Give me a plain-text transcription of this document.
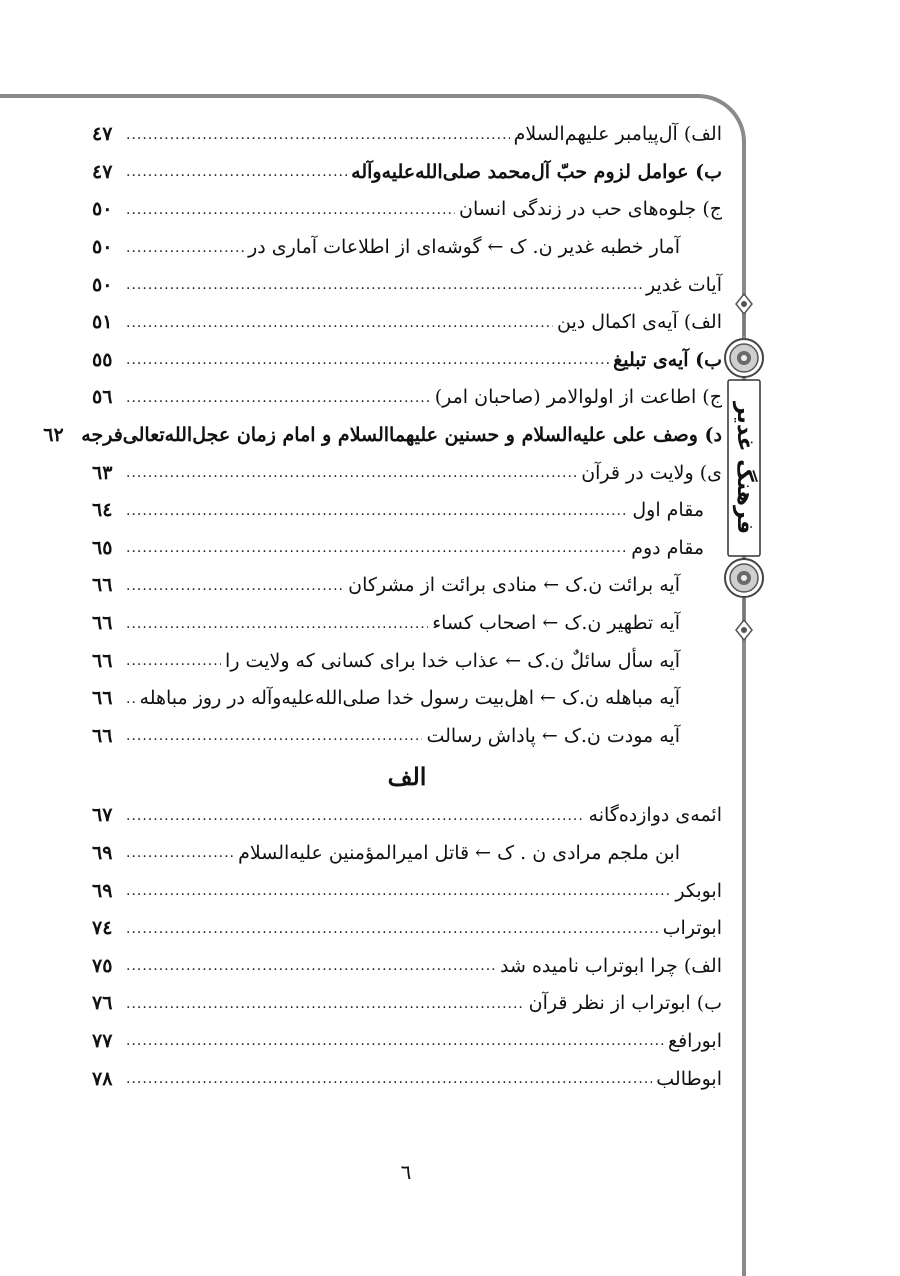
فرهنگ غدیر
الف) آل‌پیامبر علیهم‌السلام
.....
٤٧
ب) عوامل لزوم حبّ آل‌محمد صلی‌الله‌علیه‌وآله
.....
٤٧
ج) جلوه‌های حب در زندگی انسان
.....
٥٠
آمار خطبه غدیر ن. ک ← گوشه‌ای از اطلاعات آماری در
.....
٥٠
آیات غدیر
.....
٥٠
الف) آیه‌ی اکمال دین
.....
٥١
ب) آیه‌ی تبلیغ
.....
٥٥
ج) اطاعت از اولوالامر (صاحبان امر)
.....
٥٦
د) وصف علی علیه‌السلام و حسنین علیهماالسلام و امام زمان عجل‌الله‌تعالی‌فرجه
٦٢
ی) ولایت در قرآن
.....
٦٣
مقام اول
.....
٦٤
مقام دوم
.....
٦٥
آیه برائت ن.ک ← منادی برائت از مشرکان
.....
٦٦
آیه تطهیر ن.ک ← اصحاب کساء
.....
٦٦
آیه سأل سائلٌ ن.ک ← عذاب خدا برای کسانی که ولایت را
.....
٦٦
آیه مباهله ن.ک ← اهل‌بیت رسول خدا صلی‌الله‌علیه‌وآله در روز مباهله
.....
٦٦
آیه مودت ن.ک ← پاداش رسالت
.....
٦٦
الف
ائمه‌ی دوازده‌گانه
.....
٦٧
ابن ملجم مرادی ن . ک ← قاتل امیرالمؤمنین علیه‌السلام
.....
٦٩
ابوبکر
.....
٦٩
ابوتراب
.....
٧٤
الف) چرا ابوتراب نامیده شد
.....
٧٥
ب) ابوتراب از نظر قرآن
.....
٧٦
ابورافع
.....
٧٧
ابوطالب
.....
٧٨
٦
